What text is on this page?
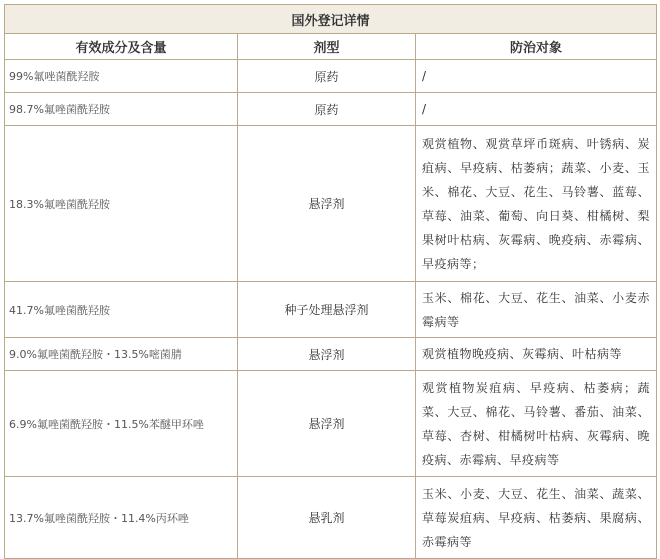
国外登记详情		
有效成分及含量	剂型	防治对象
99%氟唑菌酰羟胺	原药	/
98.7%氟唑菌酰羟胺	原药	/
18.3%氟唑菌酰羟胺	悬浮剂	观赏植物、观赏草坪币斑病、叶锈病、炭疽病、早疫病、枯萎病；蔬菜、小麦、玉米、棉花、大豆、花生、马铃薯、蓝莓、草莓、油菜、葡萄、向日葵、柑橘树、梨果树叶枯病、灰霉病、晚疫病、赤霉病、早疫病等；
41.7%氟唑菌酰羟胺	种子处理悬浮剂	玉米、棉花、大豆、花生、油菜、小麦赤霉病等
9.0%氟唑菌酰羟胺・13.5%嘧菌腈	悬浮剂	观赏植物晚疫病、灰霉病、叶枯病等
6.9%氟唑菌酰羟胺・11.5%苯醚甲环唑	悬浮剂	观赏植物炭疽病、早疫病、枯萎病；蔬菜、大豆、棉花、马铃薯、番茄、油菜、草莓、杏树、柑橘树叶枯病、灰霉病、晚疫病、赤霉病、早疫病等
13.7%氟唑菌酰羟胺・11.4%丙环唑	悬乳剂	玉米、小麦、大豆、花生、油菜、蔬菜、草莓炭疽病、早疫病、枯萎病、果腐病、赤霉病等
